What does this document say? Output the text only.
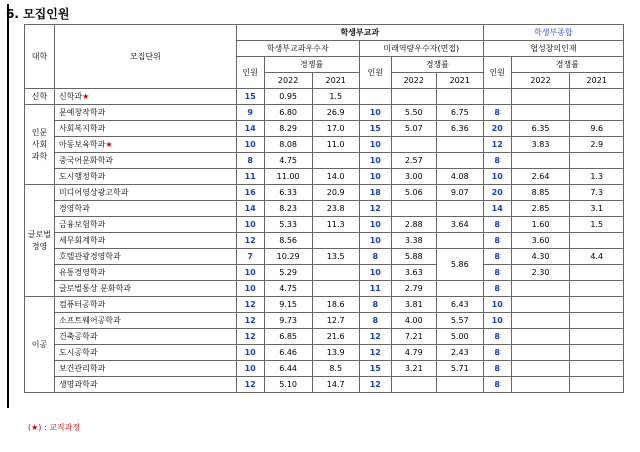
6. 모집인원
대학	모집단위	학생부교과						학생부종합		
		학생부교과우수자			미래역량우수자(면접)			협성창의인재		
		인원	경쟁률		인원	경쟁률		인원	경쟁률	
			2022	2021		2022	2021		2022	2021

신학	신학과★	15	0.95	1.5						

인문
사회
과학	문예창작학과	9	6.80	26.9	10	5.50	6.75	8		
	사회복지학과	14	8.29	17.0	15	5.07	6.36	20	6.35	9.6
	아동보육학과★	10	8.08	11.0	10			12	3.83	2.9
	중국어문화학과	8	4.75		10	2.57		8		
	도시행정학과	11	11.00	14.0	10	3.00	4.08	10	2.64	1.3

글로벌
경영	미디어영상광고학과	16	6.33	20.9	18	5.06	9.07	20	8.85	7.3
	경영학과	14	8.23	23.8	12			14	2.85	3.1
	금융보험학과	10	5.33	11.3	10	2.88	3.64	8	1.60	1.5
	세무회계학과	12	8.56		10	3.38		8	3.60	
	호텔관광경영학과	7	10.29	13.5	8	5.88	5.86	8	4.30	4.4
	유통경영학과	10	5.29		10	3.63		8	2.30	
	글로벌통상 문화학과	10	4.75		11	2.79		8		

이공	컴퓨터공학과	12	9.15	18.6	8	3.81	6.43	10		
	소프트웨어공학과	12	9.73	12.7	8	4.00	5.57	10		
	건축공학과	12	6.85	21.6	12	7.21	5.00	8		
	도시공학과	10	6.46	13.9	12	4.79	2.43	8		
	보건관리학과	10	6.44	8.5	15	3.21	5.71	8		
	생명과학과	12	5.10	14.7	12			8		
(★) : 교직과정
